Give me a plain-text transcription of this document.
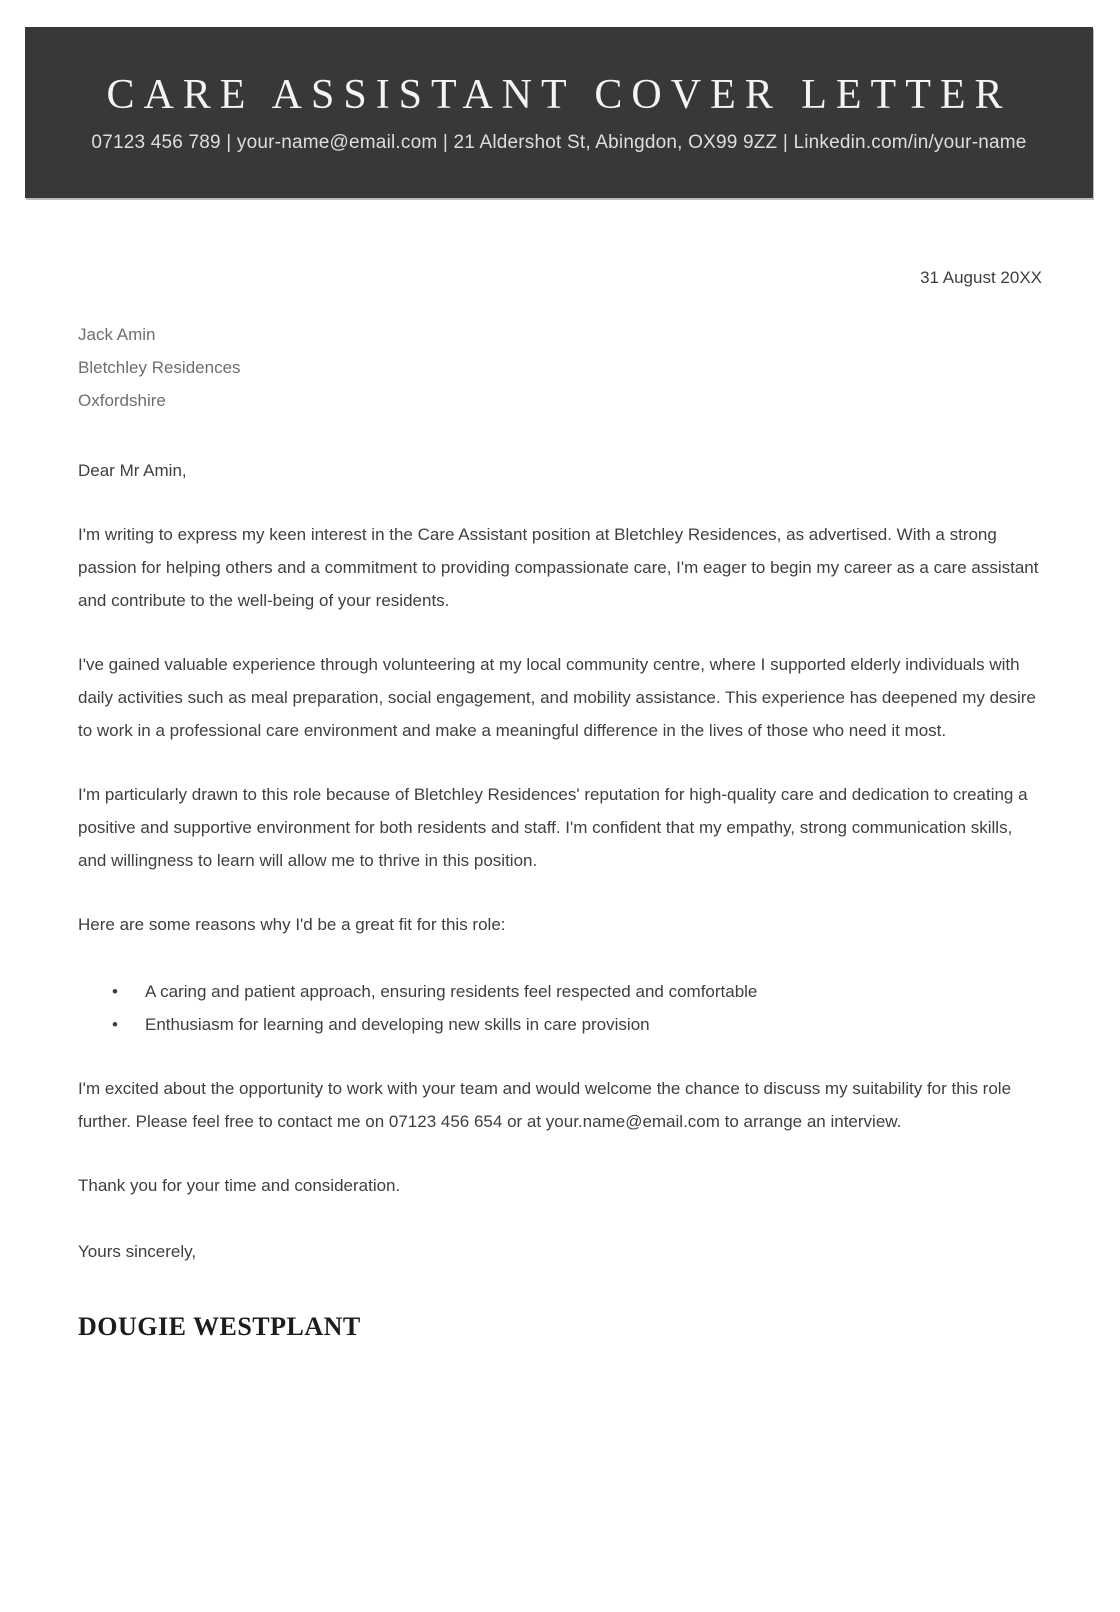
CARE ASSISTANT COVER LETTER
07123 456 789 | your-name@email.com | 21 Aldershot St, Abingdon, OX99 9ZZ | Linkedin.com/in/your-name
31 August 20XX
Jack Amin
Bletchley Residences
Oxfordshire
Dear Mr Amin,

I'm writing to express my keen interest in the Care Assistant position at Bletchley Residences, as advertised. With a strong passion for helping others and a commitment to providing compassionate care, I'm eager to begin my career as a care assistant and contribute to the well-being of your residents.

I've gained valuable experience through volunteering at my local community centre, where I supported elderly individuals with daily activities such as meal preparation, social engagement, and mobility assistance. This experience has deepened my desire to work in a professional care environment and make a meaningful difference in the lives of those who need it most.

I'm particularly drawn to this role because of Bletchley Residences' reputation for high-quality care and dedication to creating a positive and supportive environment for both residents and staff. I'm confident that my empathy, strong communication skills, and willingness to learn will allow me to thrive in this position.

Here are some reasons why I'd be a great fit for this role:

• A caring and patient approach, ensuring residents feel respected and comfortable
• Enthusiasm for learning and developing new skills in care provision

I'm excited about the opportunity to work with your team and would welcome the chance to discuss my suitability for this role further. Please feel free to contact me on 07123 456 654 or at your.name@email.com to arrange an interview.

Thank you for your time and consideration.

Yours sincerely,

DOUGIE WESTPLANT
